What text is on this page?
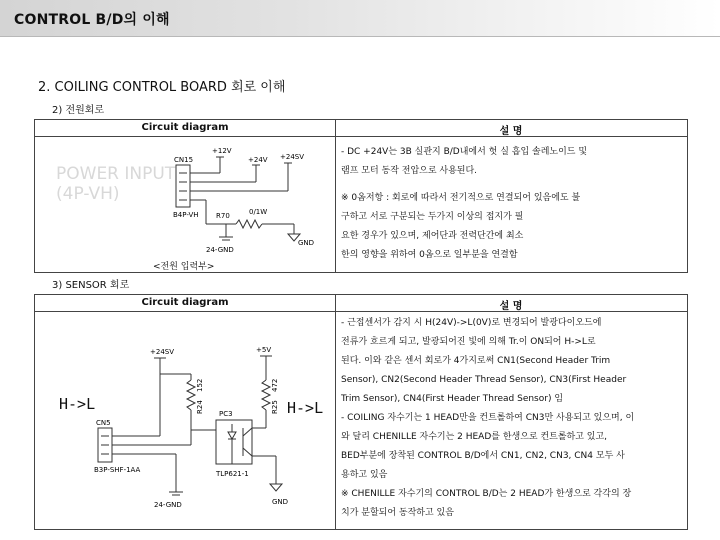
CONTROL B/D의 이해
2. COILING CONTROL BOARD 회로 이해
2) 전원회로
Circuit diagram	설 명
POWER INPUT
(4P-VH)
CN15
B4P-VH
+12V
+24V +24SV
R70	0/1W
GND
24-GND
<전원 입력부>

- DC +24V는 3B 실관지 B/D내에서 헛 실 흡입 솔레노이드 및

램프 모터 동작 전압으로 사용된다.

※ 0옴저항 : 회로에 따라서 전기적으로 연결되어 있음에도 불

구하고 서로 구분되는 두가지 이상의 접지가 필

요한 경우가 있으며, 제어단과 전력단간에 최소

한의 영향을 위하여 0옴으로 일부분을 연결함

3) SENSOR 회로
Circuit diagram	설 명
H->L	H->L
+24SV
R24
152
PC3
TLP621-1
+5V
R25
472
CN5
B3P-SHF-1AA
24-GND	GND

- 근접센서가 감지 시 H(24V)->L(0V)로 변경되어 발광다이오드에

전류가 흐르게 되고, 발광되어진 빛에 의해 Tr.이 ON되어 H->L로

된다. 이와 같은 센서 회로가 4가지로써 CN1(Second Header Trim

Sensor), CN2(Second Header Thread Sensor), CN3(First Header

Trim Sensor), CN4(First Header Thread Sensor) 임

- COILING 자수기는 1 HEAD만을 컨트롤하여 CN3만 사용되고 있으며, 이

와 달리 CHENILLE 자수기는 2 HEAD를 한생으로 컨트롤하고 있고,

BED부분에 장착된 CONTROL B/D에서 CN1, CN2, CN3, CN4 모두 사

용하고 있음

※ CHENILLE 자수기의 CONTROL B/D는 2 HEAD가 한생으로 각각의 장

치가 분할되어 동작하고 있음
